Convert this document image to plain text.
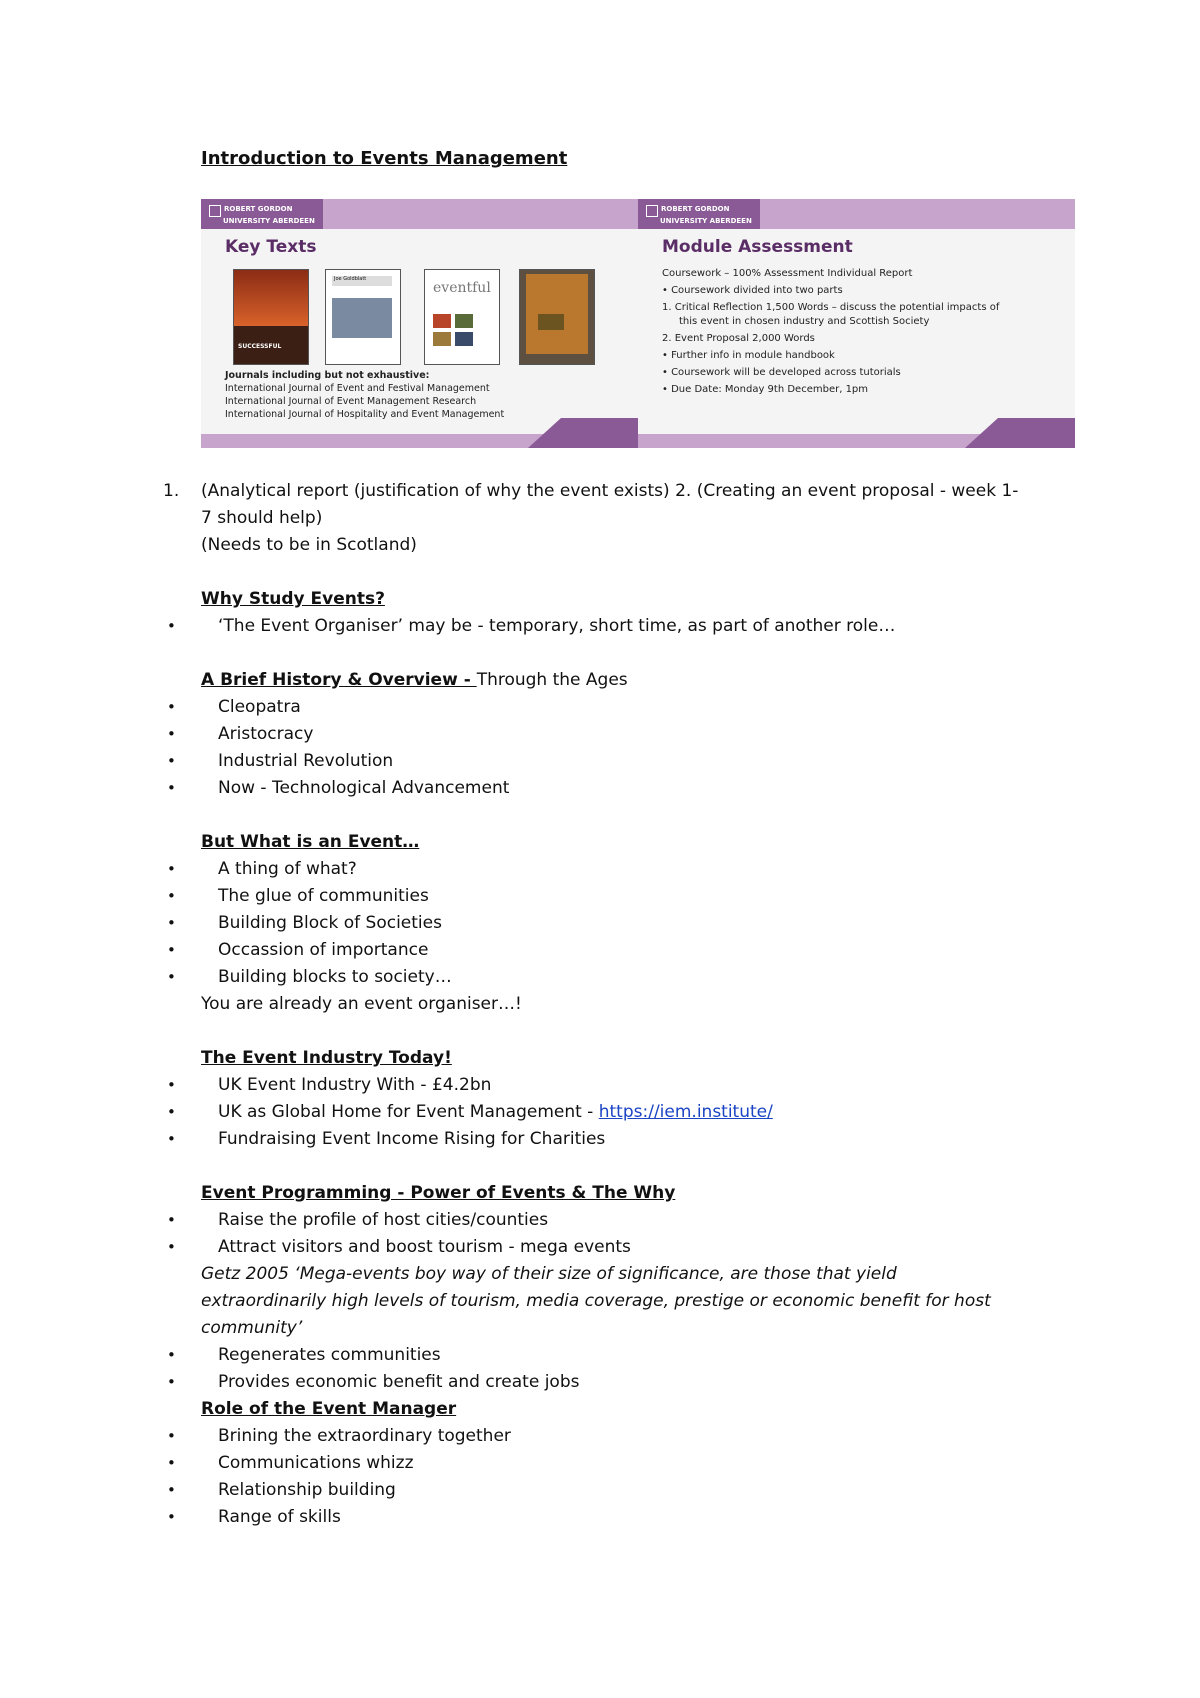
Introduction to Events Management
ROBERT GORDON
UNIVERSITY ABERDEEN
Key Texts
SUCCESSFUL
Joe Goldblatt
eventful
Journals including but not exhaustive:
International Journal of Event and Festival Management
International Journal of Event Management Research
International Journal of Hospitality and Event Management
ROBERT GORDON
UNIVERSITY ABERDEEN
Module Assessment
Coursework – 100% Assessment Individual Report
• Coursework divided into two parts
1. Critical Reflection 1,500 Words – discuss the potential impacts of
this event in chosen industry and Scottish Society
2. Event Proposal 2,000 Words
• Further info in module handbook
• Coursework will be developed across tutorials
• Due Date: Monday 9th December, 1pm
1. (Analytical report (justification of why the event exists) 2. (Creating an event proposal - week 1-
7 should help)
(Needs to be in Scotland)
Why Study Events?
• ‘The Event Organiser’ may be - temporary, short time, as part of another role…
A Brief History & Overview - Through the Ages
• Cleopatra
• Aristocracy
• Industrial Revolution
• Now - Technological Advancement
But What is an Event…
• A thing of what?
• The glue of communities
• Building Block of Societies
• Occassion of importance
• Building blocks to society…
You are already an event organiser…!
The Event Industry Today!
• UK Event Industry With - £4.2bn
• UK as Global Home for Event Management - https://iem.institute/
• Fundraising Event Income Rising for Charities
Event Programming - Power of Events & The Why
• Raise the profile of host cities/counties
• Attract visitors and boost tourism - mega events
Getz 2005 ‘Mega-events boy way of their size of significance, are those that yield
extraordinarily high levels of tourism, media coverage, prestige or economic benefit for host
community’
• Regenerates communities
• Provides economic benefit and create jobs
Role of the Event Manager
• Brining the extraordinary together
• Communications whizz
• Relationship building
• Range of skills
